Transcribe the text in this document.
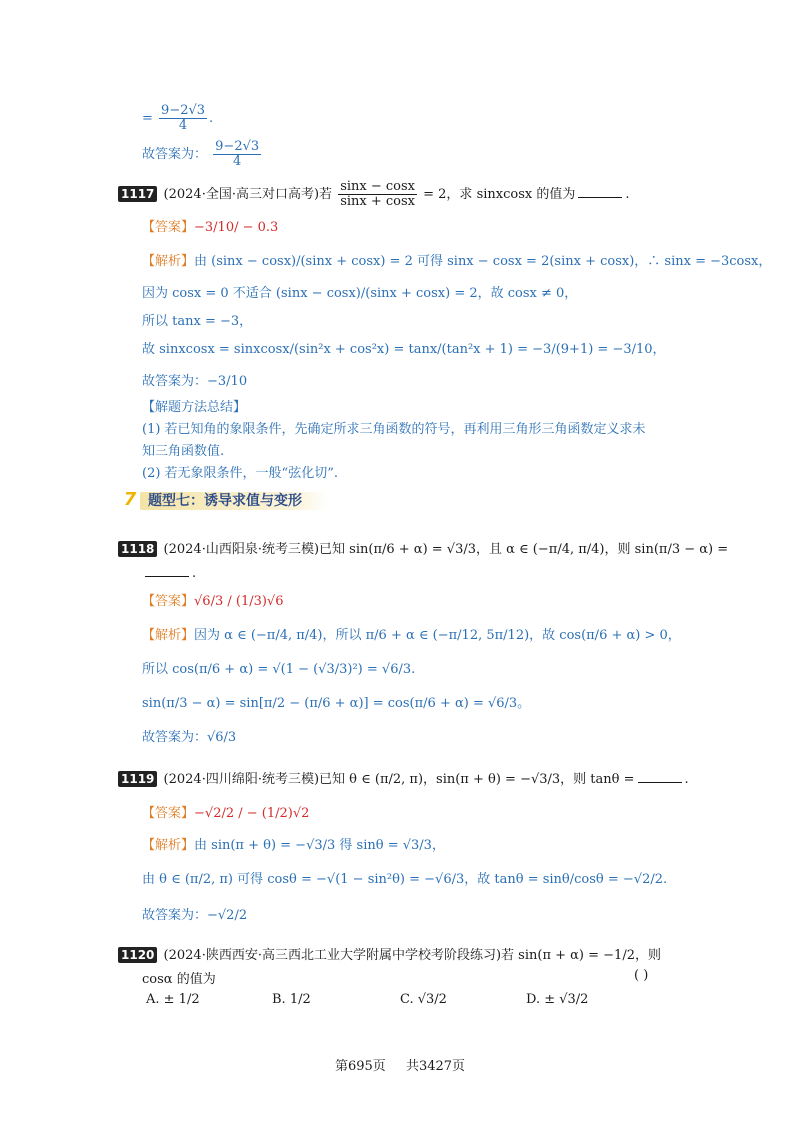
= $\frac{9-2√3}{4}$ .
故答案为： $\frac{9-2√3}{4}$
1117 (2024·全国·高三对口高考)若 $\frac{\sin x - \cos x}{\sin x + \cos x} = 2$，求 sinxcosx 的值为	.
【答案】−3/10/ − 0.3
【解析】由 (sinx − cosx)/(sinx + cosx) = 2 可得 sinx − cosx = 2(sinx + cosx)，∴ sinx = −3cosx，
因为 cosx = 0 不适合 (sinx − cosx)/(sinx + cosx) = 2，故 cosx ≠ 0，
所以 tanx = −3，
故 sinxcosx = sinxcosx/(sin²x + cos²x) = tanx/(tan²x + 1) = −3/(9+1) = −3/10，
故答案为：−3/10
【解题方法总结】
(1) 若已知角的象限条件，先确定所求三角函数的符号，再利用三角形三角函数定义求未
知三角函数值.
(2) 若无象限条件，一般“弦化切”.
7 题型七：诱导求值与变形
1118 (2024·山西阳泉·统考三模)已知 sin(π/6 + α) = √3/3，且 α ∈ (−π/4, π/4)，则 sin(π/3 − α) =
.
【答案】√6/3 / (1/3)√6
【解析】因为 α ∈ (−π/4, π/4)，所以 π/6 + α ∈ (−π/12, 5π/12)，故 cos(π/6 + α) > 0，
所以 cos(π/6 + α) = √(1 − (√3/3)²) = √6/3.
sin(π/3 − α) = sin[π/2 − (π/6 + α)] = cos(π/6 + α) = √6/3。
故答案为：√6/3
1119 (2024·四川绵阳·统考三模)已知 θ ∈ (π/2, π)，sin(π + θ) = −√3/3，则 tanθ =	.
【答案】−√2/2 / − (1/2)√2
【解析】由 sin(π + θ) = −√3/3 得 sinθ = √3/3，
由 θ ∈ (π/2, π) 可得 cosθ = −√(1 − sin²θ) = −√6/3，故 tanθ = sinθ/cosθ = −√2/2.
故答案为：−√2/2
1120 (2024·陕西西安·高三西北工业大学附属中学校考阶段练习)若 sin(π + α) = −1/2，则
cosα 的值为	( )
A. ± 1/2	B. 1/2	C. √3/2	D. ± √3/2
第695页 共3427页
